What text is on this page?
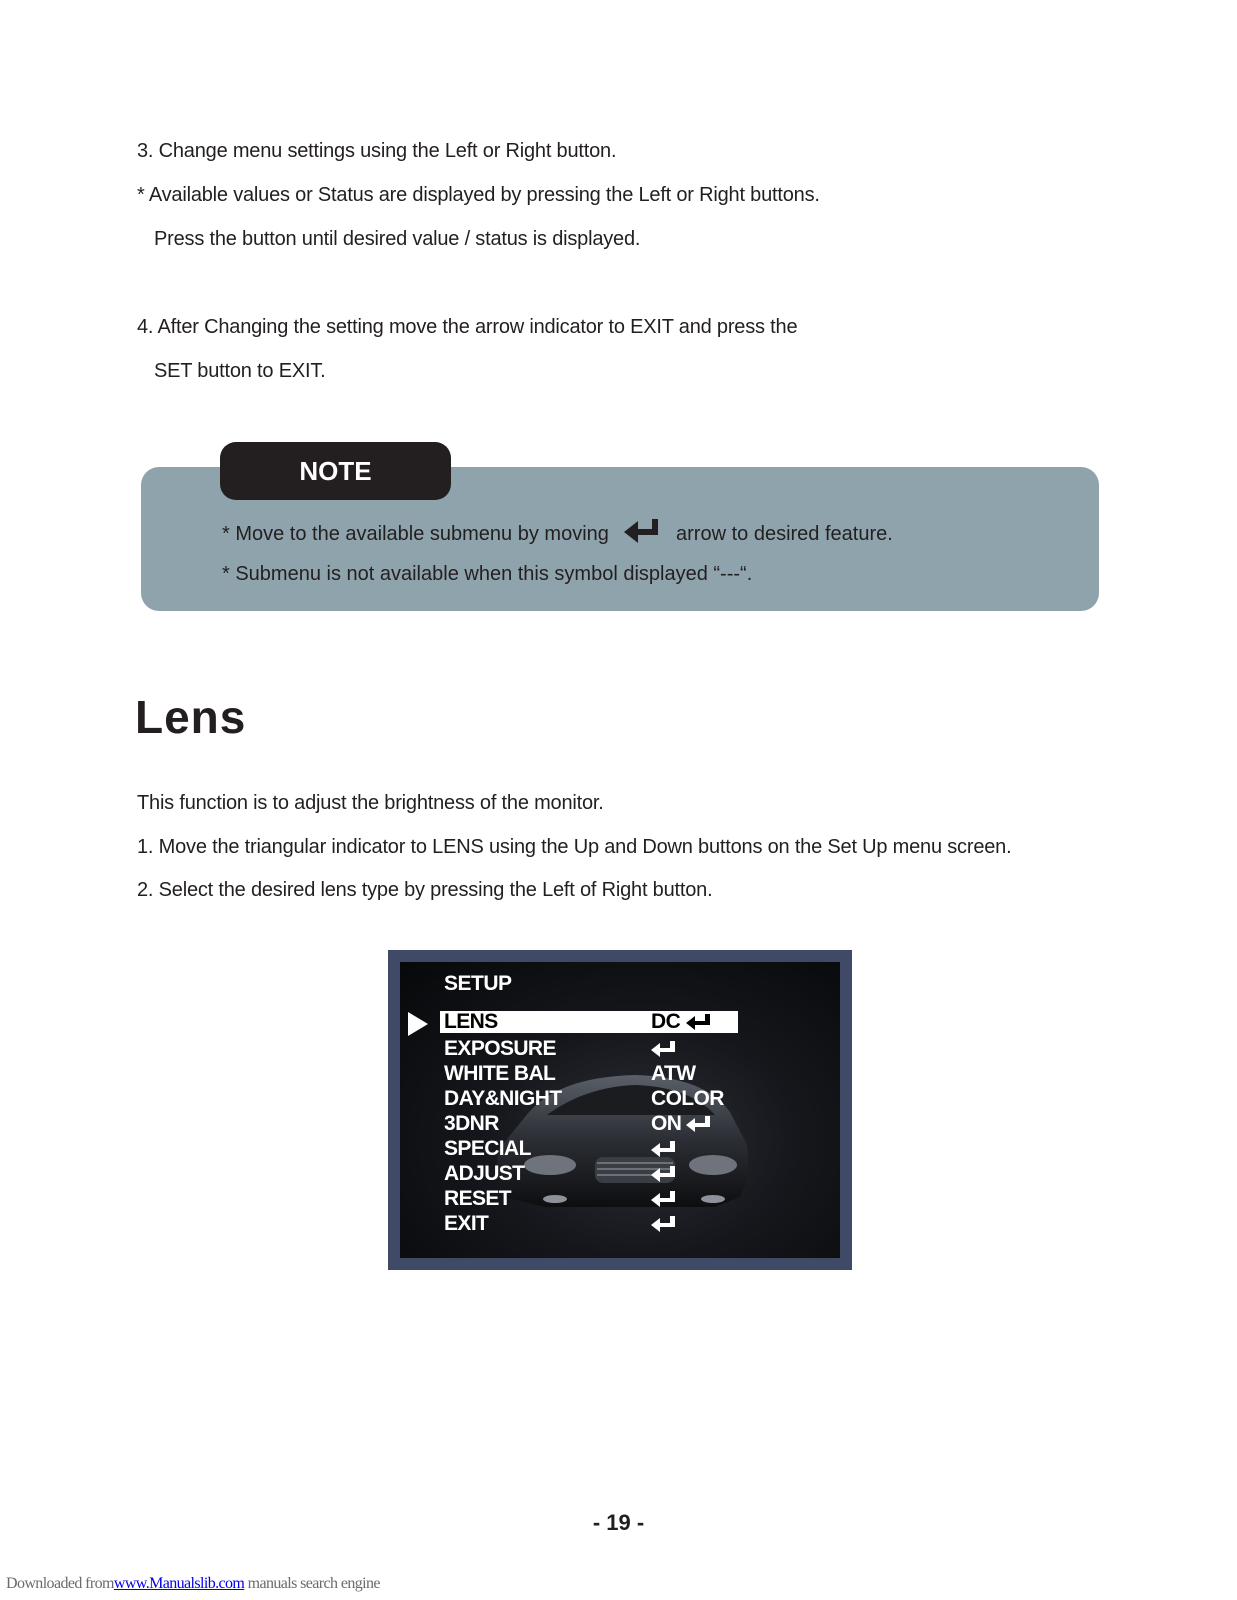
3. Change menu settings using the Left or Right button.
* Available values or Status are displayed by pressing the Left or Right buttons.
Press the button until desired value / status is displayed.
4. After Changing the setting move the arrow indicator to EXIT and press the
SET button to EXIT.
NOTE
* Move to the available submenu by moving	arrow to desired feature.
* Submenu is not available when this symbol displayed “---“.
Lens
This function is to adjust the brightness of the monitor.
1. Move the triangular indicator to LENS using the Up and Down buttons on the Set Up menu screen.
2. Select the desired lens type by pressing the Left of Right button.
SETUP
LENS	DC
EXPOSURE
WHITE BAL	ATW
DAY&NIGHT	COLOR
3DNR	ON
SPECIAL
ADJUST
RESET
EXIT
- 19 -
Downloaded fromwww.Manualslib.com manuals search engine
